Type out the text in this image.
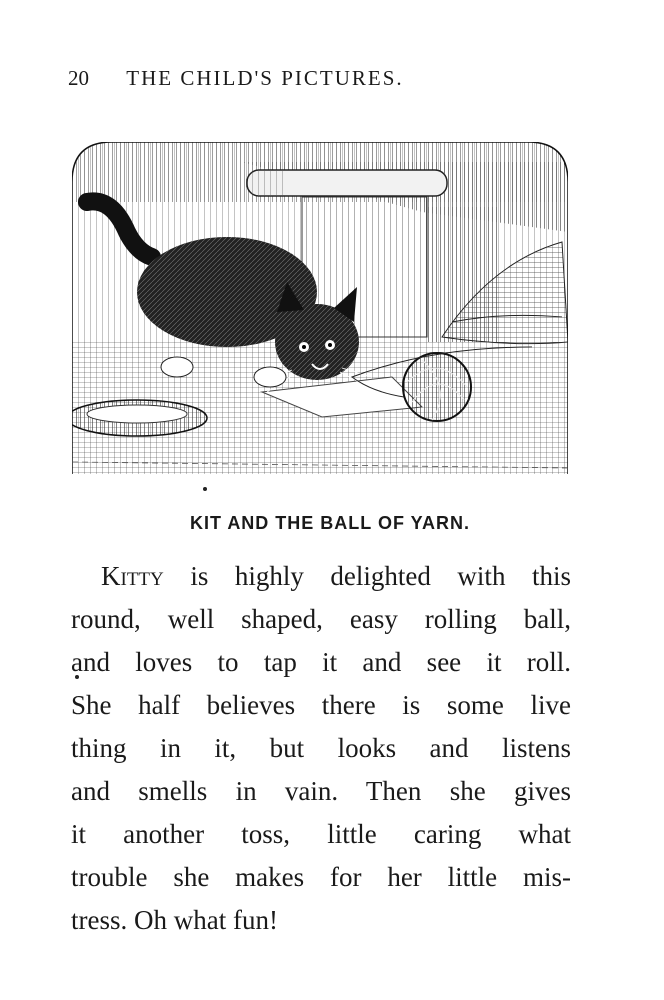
20 THE CHILD'S PICTURES.
KIT AND THE BALL OF YARN.
Kitty is highly delighted with this
round, well shaped, easy rolling ball,
and loves to tap it and see it roll.
She half believes there is some live
thing in it, but looks and listens
and smells in vain. Then she gives
it another toss, little caring what
trouble she makes for her little mis-
tress. Oh what fun!
